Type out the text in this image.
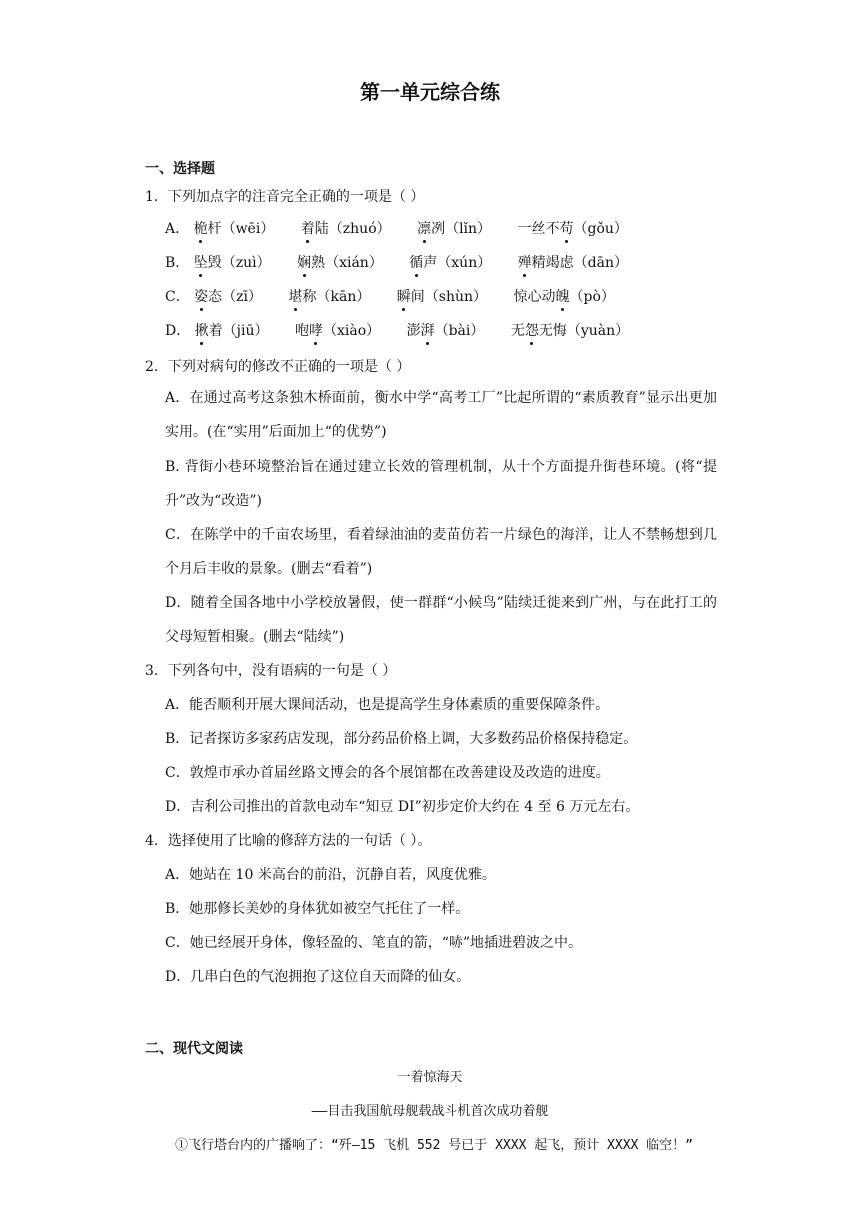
第一单元综合练
一、选择题
1．下列加点字的注音完全正确的一项是（ ）
A． 桅杆（wēi） 着陆（zhuó） 凛冽（lǐn） 一丝不苟（gǒu）
B． 坠毁（zuì） 娴熟（xián） 循声（xún） 殚精竭虑（dān）
C． 姿态（zī） 堪称（kān） 瞬间（shùn） 惊心动魄（pò）
D． 揪着（jiū） 咆哮（xiào） 澎湃（bài） 无怨无悔（yuàn）
2．下列对病句的修改不正确的一项是（ ）
A．在通过高考这条独木桥面前，衡水中学“高考工厂”比起所谓的“素质教育”显示出更加实用。(在“实用”后面加上“的优势”)
B. 背街小巷环境整治旨在通过建立长效的管理机制，从十个方面提升街巷环境。(将“提升”改为“改造”)
C．在陈学中的千亩农场里，看着绿油油的麦苗仿若一片绿色的海洋，让人不禁畅想到几个月后丰收的景象。(删去“看着”)
D．随着全国各地中小学校放暑假，使一群群“小候鸟”陆续迁徙来到广州，与在此打工的父母短暂相聚。(删去“陆续”)
3．下列各句中，没有语病的一句是（ ）
A．能否顺利开展大课间活动，也是提高学生身体素质的重要保障条件。
B．记者探访多家药店发现，部分药品价格上调，大多数药品价格保持稳定。
C．敦煌市承办首届丝路文博会的各个展馆都在改善建设及改造的进度。
D．吉利公司推出的首款电动车“知豆 DI”初步定价大约在 4 至 6 万元左右。
4．选择使用了比喻的修辞方法的一句话（ ）。
A．她站在 10 米高台的前沿，沉静自若，风度优雅。
B．她那修长美妙的身体犹如被空气托住了一样。
C．她已经展开身体，像轻盈的、笔直的箭，“哧”地插进碧波之中。
D．几串白色的气泡拥抱了这位自天而降的仙女。
二、现代文阅读
一着惊海天
——目击我国航母舰载战斗机首次成功着舰
①飞行塔台内的广播响了：“歼—15 飞机 552 号已于 XXXX 起飞，预计 XXXX 临空！”
